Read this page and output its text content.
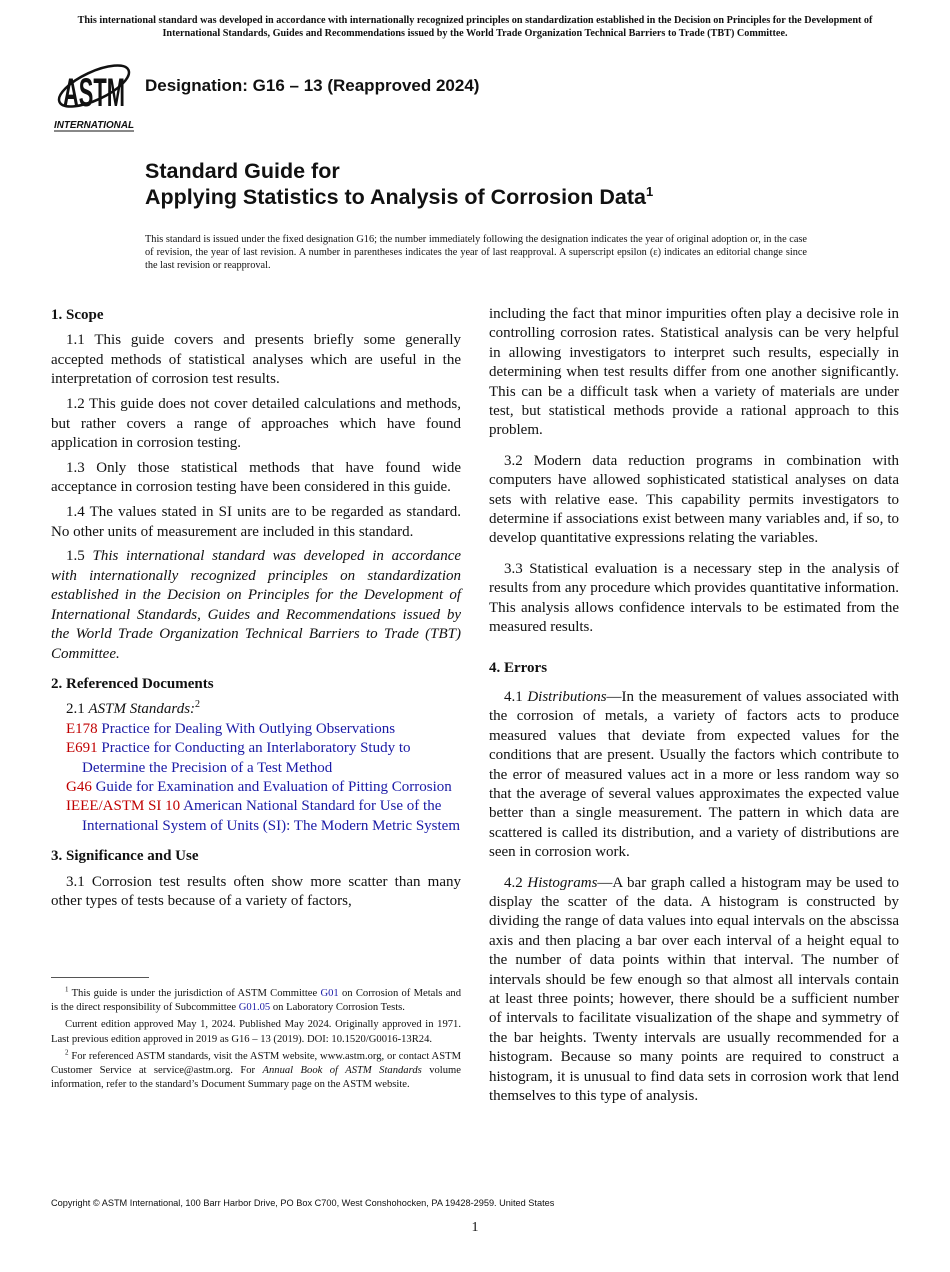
This international standard was developed in accordance with internationally recognized principles on standardization established in the Decision on Principles for the Development of International Standards, Guides and Recommendations issued by the World Trade Organization Technical Barriers to Trade (TBT) Committee.
ASTM
INTERNATIONAL
Designation: G16 – 13 (Reapproved 2024)
Standard Guide for
Applying Statistics to Analysis of Corrosion Data$^1$
This standard is issued under the fixed designation G16; the number immediately following the designation indicates the year of original adoption or, in the case of revision, the year of last revision. A number in parentheses indicates the year of last reapproval. A superscript epsilon (ε) indicates an editorial change since the last revision or reapproval.
1. Scope

1.1 This guide covers and presents briefly some generally accepted methods of statistical analyses which are useful in the interpretation of corrosion test results.

1.2 This guide does not cover detailed calculations and methods, but rather covers a range of approaches which have found application in corrosion testing.

1.3 Only those statistical methods that have found wide acceptance in corrosion testing have been considered in this guide.

1.4 The values stated in SI units are to be regarded as standard. No other units of measurement are included in this standard.

1.5 This international standard was developed in accordance with internationally recognized principles on standardization established in the Decision on Principles for the Development of International Standards, Guides and Recommendations issued by the World Trade Organization Technical Barriers to Trade (TBT) Committee.

2. Referenced Documents

2.1 ASTM Standards:$^2$

E178 Practice for Dealing With Outlying Observations
E691 Practice for Conducting an Interlaboratory Study to Determine the Precision of a Test Method
G46 Guide for Examination and Evaluation of Pitting Corrosion
IEEE/ASTM SI 10 American National Standard for Use of the International System of Units (SI): The Modern Metric System
3. Significance and Use

3.1 Corrosion test results often show more scatter than many other types of tests because of a variety of factors,

including the fact that minor impurities often play a decisive role in controlling corrosion rates. Statistical analysis can be very helpful in allowing investigators to interpret such results, especially in determining when test results differ from one another significantly. This can be a difficult task when a variety of materials are under test, but statistical methods provide a rational approach to this problem.

3.2 Modern data reduction programs in combination with computers have allowed sophisticated statistical analyses on data sets with relative ease. This capability permits investigators to determine if associations exist between many variables and, if so, to develop quantitative expressions relating the variables.

3.3 Statistical evaluation is a necessary step in the analysis of results from any procedure which provides quantitative information. This analysis allows confidence intervals to be estimated from the measured results.

4. Errors

4.1 Distributions—In the measurement of values associated with the corrosion of metals, a variety of factors acts to produce measured values that deviate from expected values for the conditions that are present. Usually the factors which contribute to the error of measured values act in a more or less random way so that the average of several values approximates the expected value better than a single measurement. The pattern in which data are scattered is called its distribution, and a variety of distributions are seen in corrosion work.

4.2 Histograms—A bar graph called a histogram may be used to display the scatter of the data. A histogram is constructed by dividing the range of data values into equal intervals on the abscissa axis and then placing a bar over each interval of a height equal to the number of data points within that interval. The number of intervals should be few enough so that almost all intervals contain at least three points; however, there should be a sufficient number of intervals to facilitate visualization of the shape and symmetry of the bar heights. Twenty intervals are usually recommended for a histogram. Because so many points are required to construct a histogram, it is unusual to find data sets in corrosion work that lend themselves to this type of analysis.

$^1$ This guide is under the jurisdiction of ASTM Committee G01 on Corrosion of Metals and is the direct responsibility of Subcommittee G01.05 on Laboratory Corrosion Tests.

Current edition approved May 1, 2024. Published May 2024. Originally approved in 1971. Last previous edition approved in 2019 as G16 – 13 (2019). DOI: 10.1520/G0016-13R24.

$^2$ For referenced ASTM standards, visit the ASTM website, www.astm.org, or contact ASTM Customer Service at service@astm.org. For Annual Book of ASTM Standards volume information, refer to the standard’s Document Summary page on the ASTM website.

Copyright © ASTM International, 100 Barr Harbor Drive, PO Box C700, West Conshohocken, PA 19428-2959. United States
1
